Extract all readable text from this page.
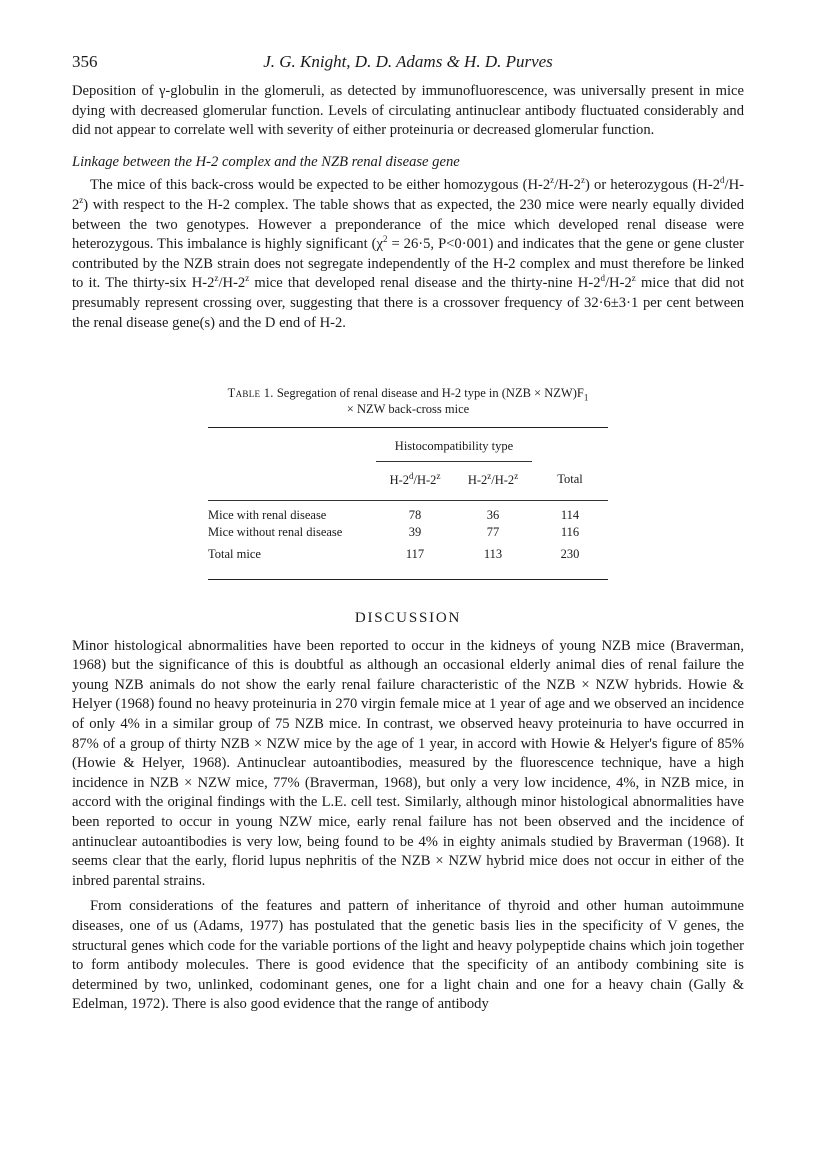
356	J. G. Knight, D. D. Adams & H. D. Purves

Deposition of γ-globulin in the glomeruli, as detected by immunofluorescence, was universally present in mice dying with decreased glomerular function. Levels of circulating antinuclear antibody fluctuated considerably and did not appear to correlate well with severity of either proteinuria or decreased glomerular function.

Linkage between the H-2 complex and the NZB renal disease gene

The mice of this back-cross would be expected to be either homozygous (H-2$^z$/H-2$^z$) or heterozygous (H-2$^d$/H-2$^z$) with respect to the H-2 complex. The table shows that as expected, the 230 mice were nearly equally divided between the two genotypes. However a preponderance of the mice which developed renal disease were heterozygous. This imbalance is highly significant ($\chi^2 = 26\cdot 5$, P<0·001) and indicates that the gene or gene cluster contributed by the NZB strain does not segregate independently of the H-2 complex and must therefore be linked to it. The thirty-six H-2$^z$/H-2$^z$ mice that developed renal disease and the thirty-nine H-2$^d$/H-2$^z$ mice that did not presumably represent crossing over, suggesting that there is a crossover frequency of 32·6±3·1 per cent between the renal disease gene(s) and the D end of H-2.

Table 1. Segregation of renal disease and H-2 type in $(NZB \times NZW)F_1$
× NZW back-cross mice

	Histocompatibility type		
	H-2$^d$/H-2$^z$	H-2$^z$/H-2$^z$	Total

Mice with renal disease	78	36	114
Mice without renal disease	39	77	116

Total mice	117	113	230
DISCUSSION

Minor histological abnormalities have been reported to occur in the kidneys of young NZB mice (Braverman, 1968) but the significance of this is doubtful as although an occasional elderly animal dies of renal failure the young NZB animals do not show the early renal failure characteristic of the NZB × NZW hybrids. Howie & Helyer (1968) found no heavy proteinuria in 270 virgin female mice at 1 year of age and we observed an incidence of only 4% in a similar group of 75 NZB mice. In contrast, we observed heavy proteinuria to have occurred in 87% of a group of thirty NZB × NZW mice by the age of 1 year, in accord with Howie & Helyer's figure of 85% (Howie & Helyer, 1968). Antinuclear autoantibodies, measured by the fluorescence technique, have a high incidence in NZB × NZW mice, 77% (Braverman, 1968), but only a very low incidence, 4%, in NZB mice, in accord with the original findings with the L.E. cell test. Similarly, although minor histological abnormalities have been reported to occur in young NZW mice, early renal failure has not been observed and the incidence of antinuclear autoantibodies is very low, being found to be 4% in eighty animals studied by Braverman (1968). It seems clear that the early, florid lupus nephritis of the NZB × NZW hybrid mice does not occur in either of the inbred parental strains.

From considerations of the features and pattern of inheritance of thyroid and other human autoimmune diseases, one of us (Adams, 1977) has postulated that the genetic basis lies in the specificity of V genes, the structural genes which code for the variable portions of the light and heavy polypeptide chains which join together to form antibody molecules. There is good evidence that the specificity of an antibody combining site is determined by two, unlinked, codominant genes, one for a light chain and one for a heavy chain (Gally & Edelman, 1972). There is also good evidence that the range of antibody
